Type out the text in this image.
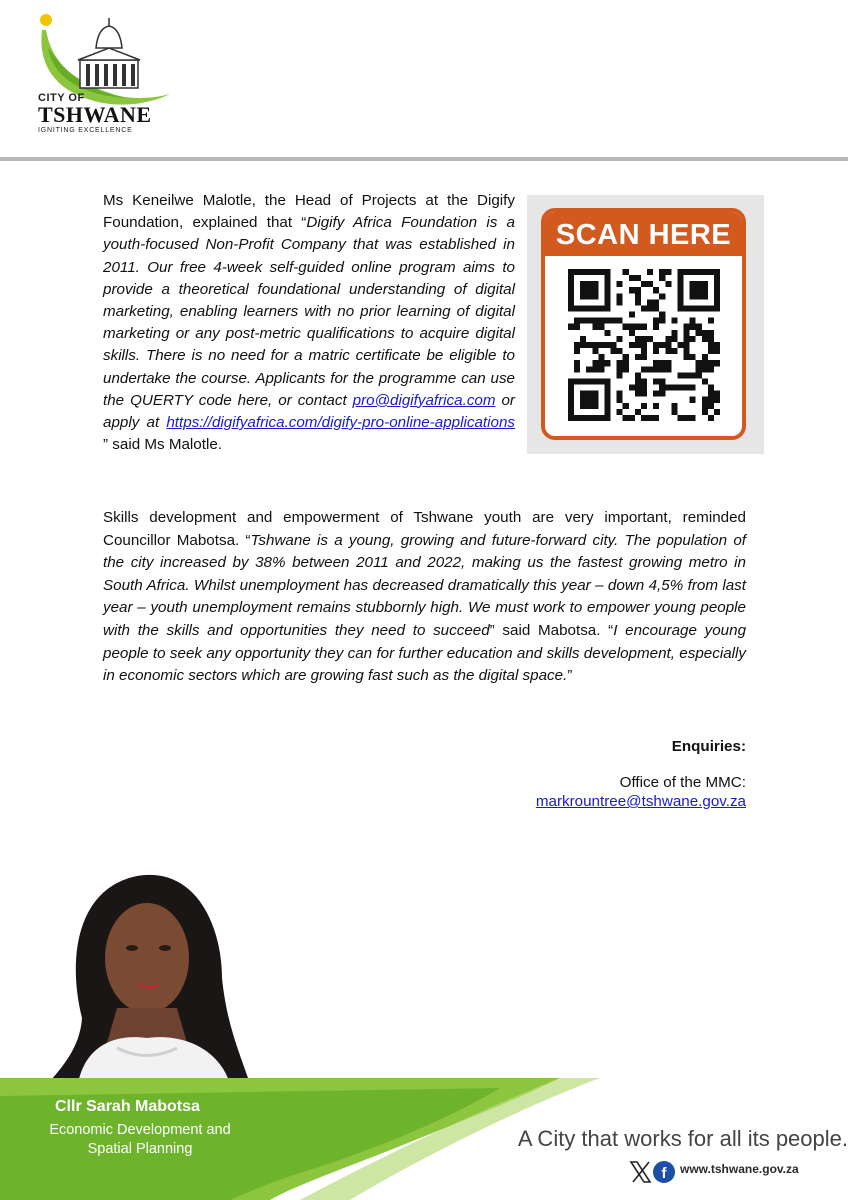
CITY OF
TSHWANE
IGNITING EXCELLENCE
Ms Keneilwe Malotle, the Head of Projects at the Digify Foundation, explained that “Digify Africa Foundation is a youth-focused Non-Profit Company that was established in 2011. Our free 4-week self-guided online program aims to provide a theoretical foundational understanding of digital marketing, enabling learners with no prior learning of digital marketing or any post-metric qualifications to acquire digital skills. There is no need for a matric certificate be eligible to undertake the course. Applicants for the programme can use the QUERTY code here, or contact pro@digifyafrica.com or apply at https://digifyafrica.com/digify-pro-online-applications ” said Ms Malotle.
SCAN HERE
Skills development and empowerment of Tshwane youth are very important, reminded Councillor Mabotsa. “Tshwane is a young, growing and future-forward city. The population of the city increased by 38% between 2011 and 2022, making us the fastest growing metro in South Africa. Whilst unemployment has decreased dramatically this year – down 4,5% from last year – youth unemployment remains stubbornly high. We must work to empower young people with the skills and opportunities they need to succeed” said Mabotsa. “I encourage young people to seek any opportunity they can for further education and skills development, especially in economic sectors which are growing fast such as the digital space.”
Enquiries:
Office of the MMC:
markrountree@tshwane.gov.za
Cllr Sarah Mabotsa
Economic Development and
Spatial Planning	A City that works for all its people.
f www.tshwane.gov.za
